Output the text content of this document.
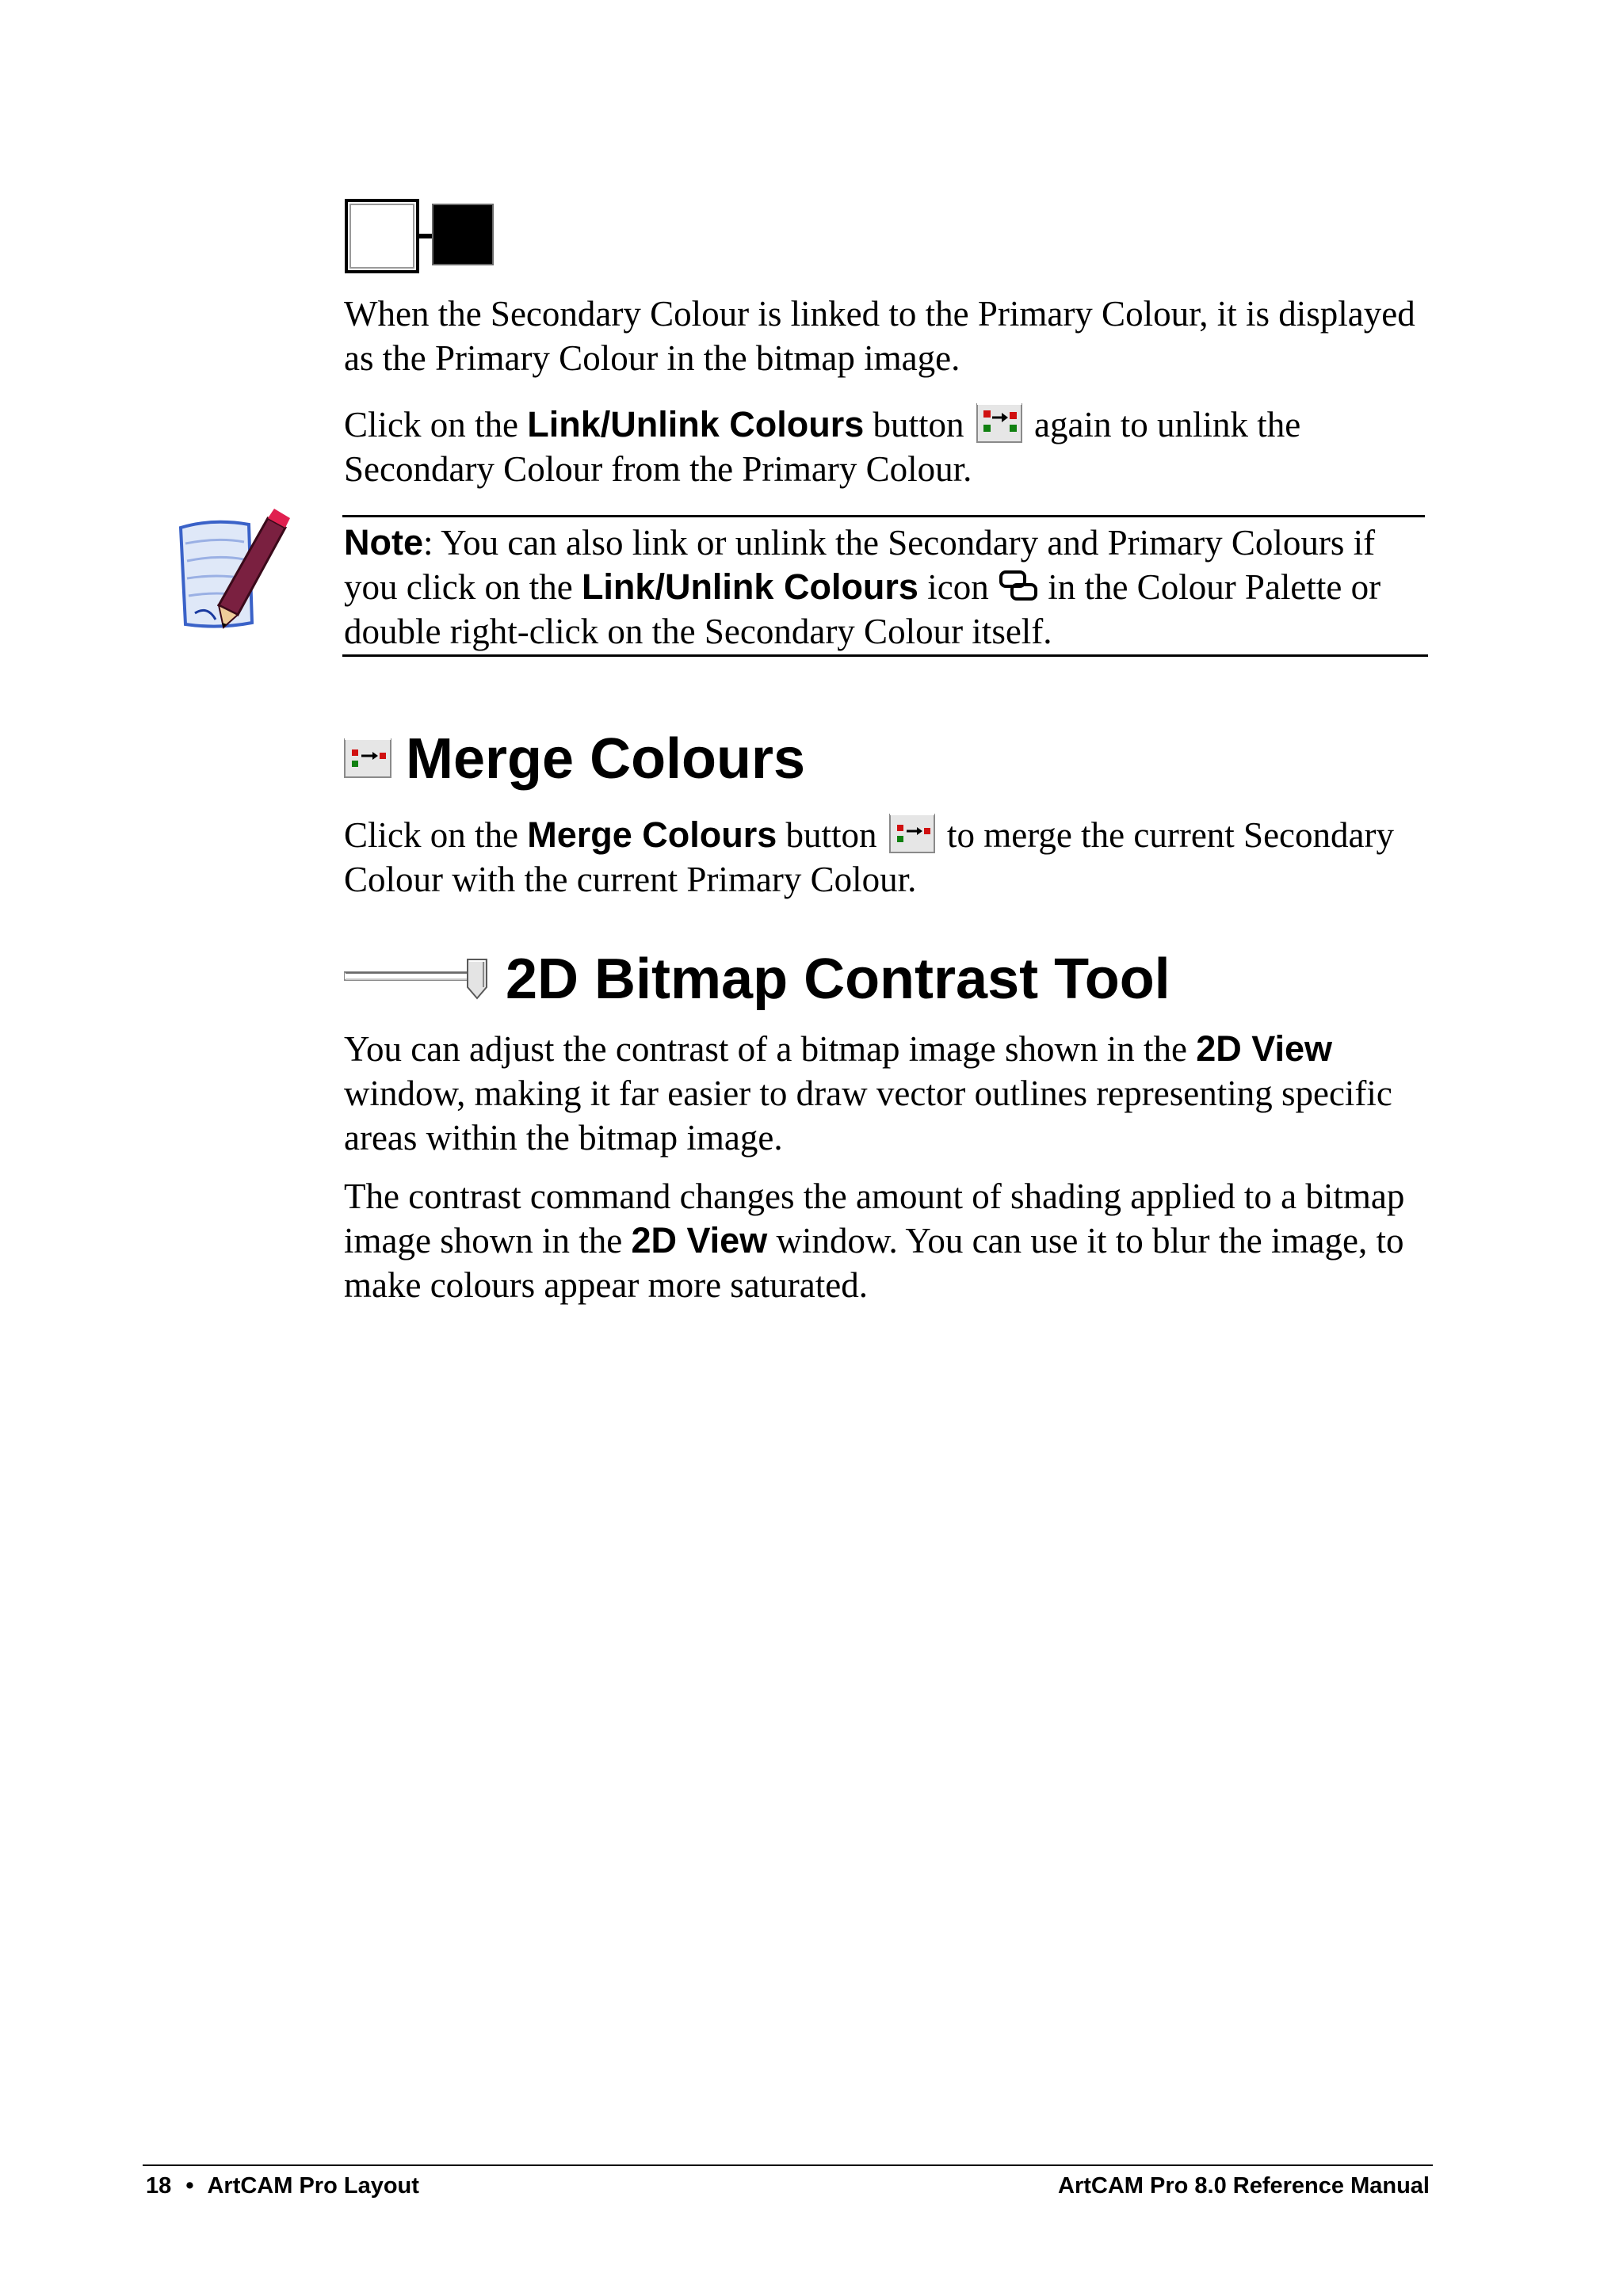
When the Secondary Colour is linked to the Primary Colour, it is displayed as the Primary Colour in the bitmap image.

Click on the Link/Unlink Colours button  again to unlink the Secondary Colour from the Primary Colour.

Note: You can also link or unlink the Secondary and Primary Colours if you click on the Link/Unlink Colours icon  in the Colour Palette or double right-click on the Secondary Colour itself.

Merge Colours

Click on the Merge Colours button  to merge the current Secondary Colour with the current Primary Colour.

2D Bitmap Contrast Tool

You can adjust the contrast of a bitmap image shown in the 2D View window, making it far easier to draw vector outlines representing specific areas within the bitmap image.

The contrast command changes the amount of shading applied to a bitmap image shown in the 2D View window. You can use it to blur the image, to make colours appear more saturated.

18 • ArtCAM Pro Layout	ArtCAM Pro 8.0 Reference Manual
